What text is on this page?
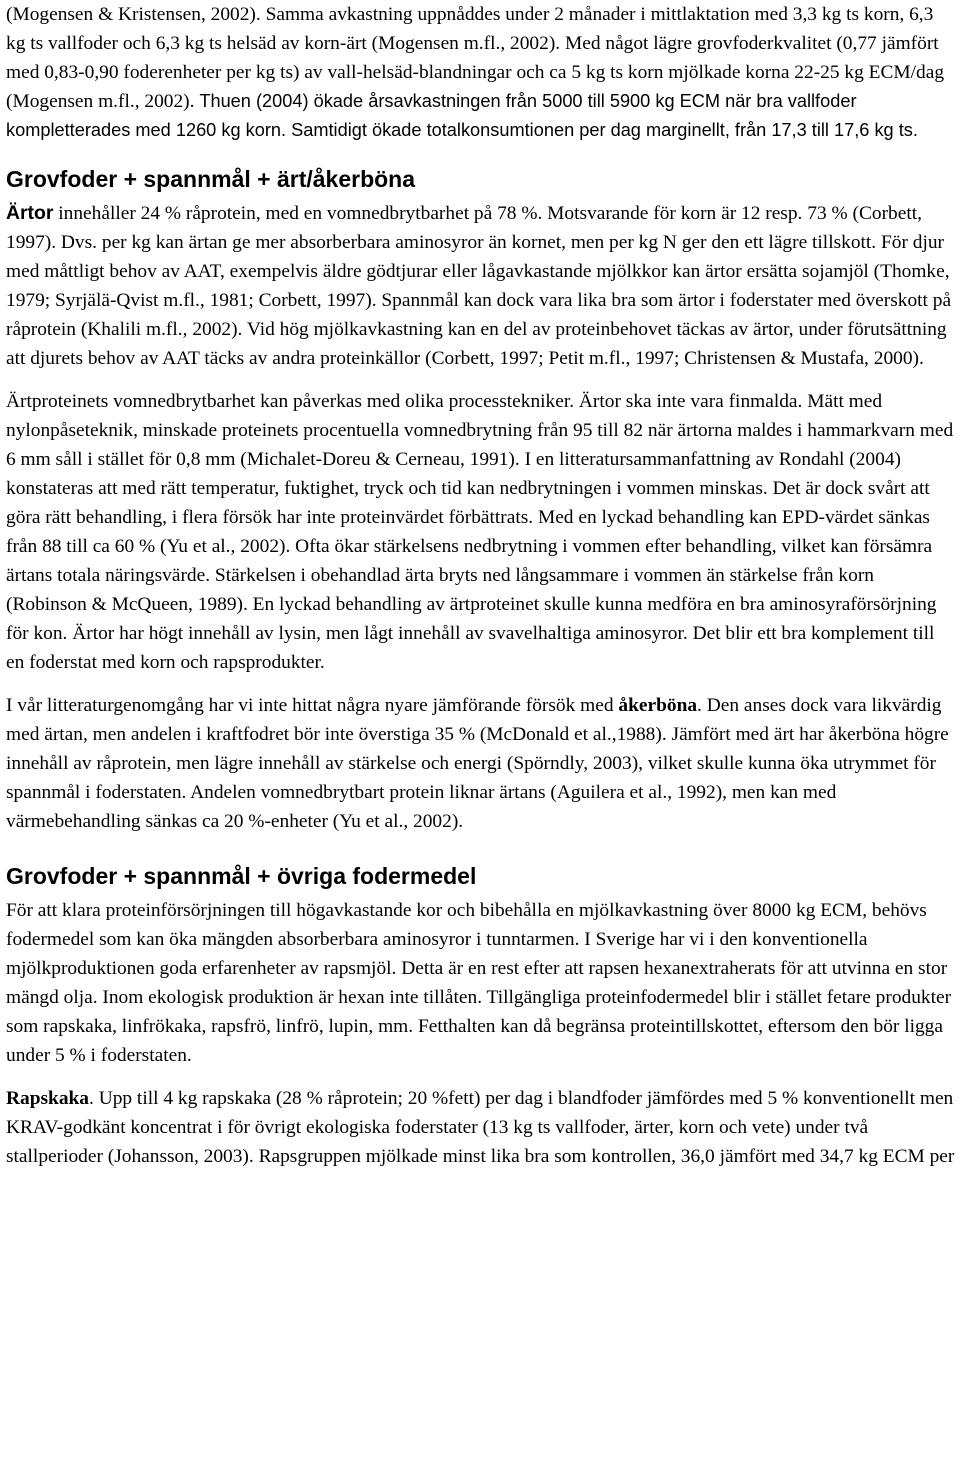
(Mogensen & Kristensen, 2002). Samma avkastning uppnåddes under 2 månader i mittlaktation med 3,3 kg ts korn, 6,3 kg ts vallfoder och 6,3 kg ts helsäd av korn-ärt (Mogensen m.fl., 2002). Med något lägre grovfoderkvalitet (0,77 jämfört med 0,83-0,90 foderenheter per kg ts) av vall-helsäd-blandningar och ca 5 kg ts korn mjölkade korna 22-25 kg ECM/dag (Mogensen m.fl., 2002). Thuen (2004) ökade årsavkastningen från 5000 till 5900 kg ECM när bra vallfoder kompletterades med 1260 kg korn. Samtidigt ökade totalkonsumtionen per dag marginellt, från 17,3 till 17,6 kg ts.

Grovfoder + spannmål + ärt/åkerböna

Ärtor innehåller 24 % råprotein, med en vomnedbrytbarhet på 78 %. Motsvarande för korn är 12 resp. 73 % (Corbett, 1997). Dvs. per kg kan ärtan ge mer absorberbara aminosyror än kornet, men per kg N ger den ett lägre tillskott. För djur med måttligt behov av AAT, exempelvis äldre gödtjurar eller lågavkastande mjölkkor kan ärtor ersätta sojamjöl (Thomke, 1979; Syrjälä-Qvist m.fl., 1981; Corbett, 1997). Spannmål kan dock vara lika bra som ärtor i foderstater med överskott på råprotein (Khalili m.fl., 2002). Vid hög mjölkavkastning kan en del av proteinbehovet täckas av ärtor, under förutsättning att djurets behov av AAT täcks av andra proteinkällor (Corbett, 1997; Petit m.fl., 1997; Christensen & Mustafa, 2000).

Ärtproteinets vomnedbrytbarhet kan påverkas med olika processtekniker. Ärtor ska inte vara finmalda. Mätt med nylonpåseteknik, minskade proteinets procentuella vomnedbrytning från 95 till 82 när ärtorna maldes i hammarkvarn med 6 mm såll i stället för 0,8 mm (Michalet-Doreu & Cerneau, 1991). I en litteratursammanfattning av Rondahl (2004) konstateras att med rätt temperatur, fuktighet, tryck och tid kan nedbrytningen i vommen minskas. Det är dock svårt att göra rätt behandling, i flera försök har inte proteinvärdet förbättrats. Med en lyckad behandling kan EPD-värdet sänkas från 88 till ca 60 % (Yu et al., 2002). Ofta ökar stärkelsens nedbrytning i vommen efter behandling, vilket kan försämra ärtans totala näringsvärde. Stärkelsen i obehandlad ärta bryts ned långsammare i vommen än stärkelse från korn (Robinson & McQueen, 1989). En lyckad behandling av ärtproteinet skulle kunna medföra en bra aminosyraförsörjning för kon. Ärtor har högt innehåll av lysin, men lågt innehåll av svavelhaltiga aminosyror. Det blir ett bra komplement till en foderstat med korn och rapsprodukter.

I vår litteraturgenomgång har vi inte hittat några nyare jämförande försök med åkerböna. Den anses dock vara likvärdig med ärtan, men andelen i kraftfodret bör inte överstiga 35 % (McDonald et al.,1988). Jämfört med ärt har åkerböna högre innehåll av råprotein, men lägre innehåll av stärkelse och energi (Spörndly, 2003), vilket skulle kunna öka utrymmet för spannmål i foderstaten. Andelen vomnedbrytbart protein liknar ärtans (Aguilera et al., 1992), men kan med värmebehandling sänkas ca 20 %-enheter (Yu et al., 2002).

Grovfoder + spannmål + övriga fodermedel

För att klara proteinförsörjningen till högavkastande kor och bibehålla en mjölkavkastning över 8000 kg ECM, behövs fodermedel som kan öka mängden absorberbara aminosyror i tunntarmen. I Sverige har vi i den konventionella mjölkproduktionen goda erfarenheter av rapsmjöl. Detta är en rest efter att rapsen hexanextraherats för att utvinna en stor mängd olja. Inom ekologisk produktion är hexan inte tillåten. Tillgängliga proteinfodermedel blir i stället fetare produkter som rapskaka, linfrökaka, rapsfrö, linfrö, lupin, mm. Fetthalten kan då begränsa proteintillskottet, eftersom den bör ligga under 5 % i foderstaten.

Rapskaka. Upp till 4 kg rapskaka (28 % råprotein; 20 %fett) per dag i blandfoder jämfördes med 5 % konventionellt men KRAV-godkänt koncentrat i för övrigt ekologiska foderstater (13 kg ts vallfoder, ärter, korn och vete) under två stallperioder (Johansson, 2003). Rapsgruppen mjölkade minst lika bra som kontrollen, 36,0 jämfört med 34,7 kg ECM per
